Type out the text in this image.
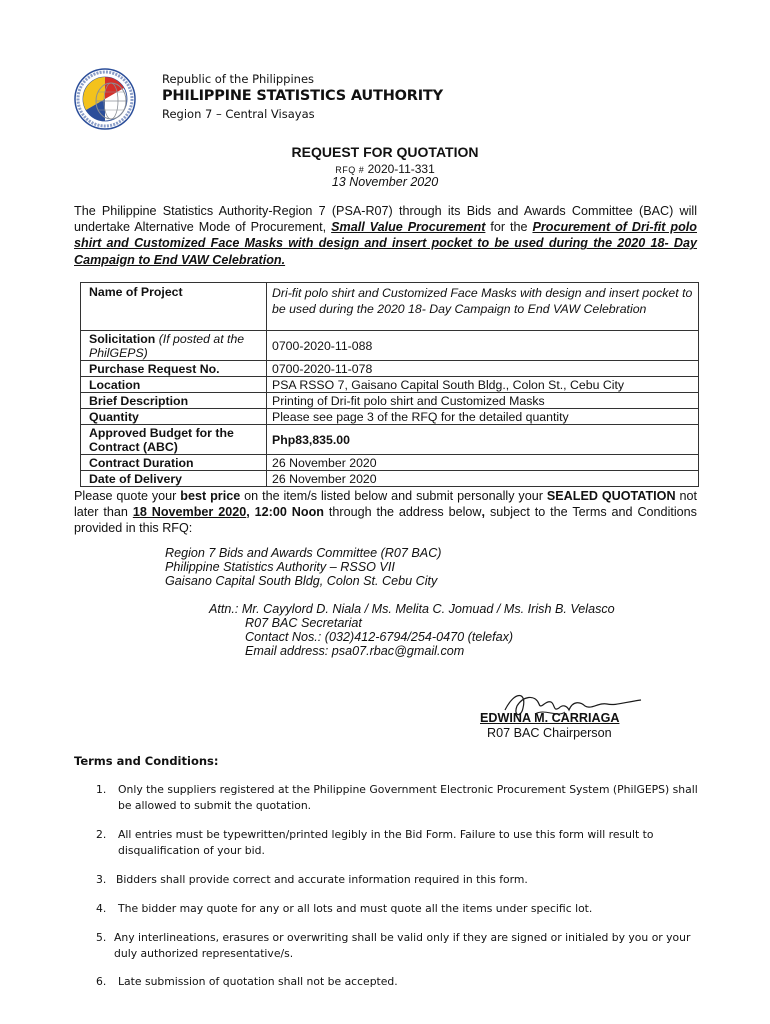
Republic of the Philippines
PHILIPPINE STATISTICS AUTHORITY
Region 7 – Central Visayas
REQUEST FOR QUOTATION
RFQ # 2020-11-331
13 November 2020
The Philippine Statistics Authority-Region 7 (PSA-R07) through its Bids and Awards Committee (BAC) will undertake Alternative Mode of Procurement, Small Value Procurement for the Procurement of Dri-fit polo shirt and Customized Face Masks with design and insert pocket to be used during the 2020 18- Day Campaign to End VAW Celebration.
Name of Project	Dri-fit polo shirt and Customized Face Masks with design and insert pocket to be used during the 2020 18- Day Campaign to End VAW Celebration
Solicitation (If posted at the PhilGEPS)	0700-2020-11-088
Purchase Request No.	0700-2020-11-078
Location	PSA RSSO 7, Gaisano Capital South Bldg., Colon St., Cebu City
Brief Description	Printing of Dri-fit polo shirt and Customized Masks
Quantity	Please see page 3 of the RFQ for the detailed quantity
Approved Budget for the Contract (ABC)	Php83,835.00
Contract Duration	26 November 2020
Date of Delivery	26 November 2020
Please quote your best price on the item/s listed below and submit personally your SEALED QUOTATION not later than 18 November 2020, 12:00 Noon through the address below, subject to the Terms and Conditions provided in this RFQ:
Region 7 Bids and Awards Committee (R07 BAC)
Philippine Statistics Authority – RSSO VII
Gaisano Capital South Bldg, Colon St. Cebu City
Attn.: Mr. Cayylord D. Niala / Ms. Melita C. Jomuad / Ms. Irish B. Velasco
R07 BAC Secretariat
Contact Nos.: (032)412-6794/254-0470 (telefax)
Email address: psa07.rbac@gmail.com
EDWINA M. CARRIAGA
R07 BAC Chairperson
Terms and Conditions:
1.	Only the suppliers registered at the Philippine Government Electronic Procurement System (PhilGEPS) shall be allowed to submit the quotation.
2.	All entries must be typewritten/printed legibly in the Bid Form. Failure to use this form will result to disqualification of your bid.
3. Bidders shall provide correct and accurate information required in this form.
4.	The bidder may quote for any or all lots and must quote all the items under specific lot.
5. Any interlineations, erasures or overwriting shall be valid only if they are signed or initialed by you or your duly authorized representative/s.
6.	Late submission of quotation shall not be accepted.
